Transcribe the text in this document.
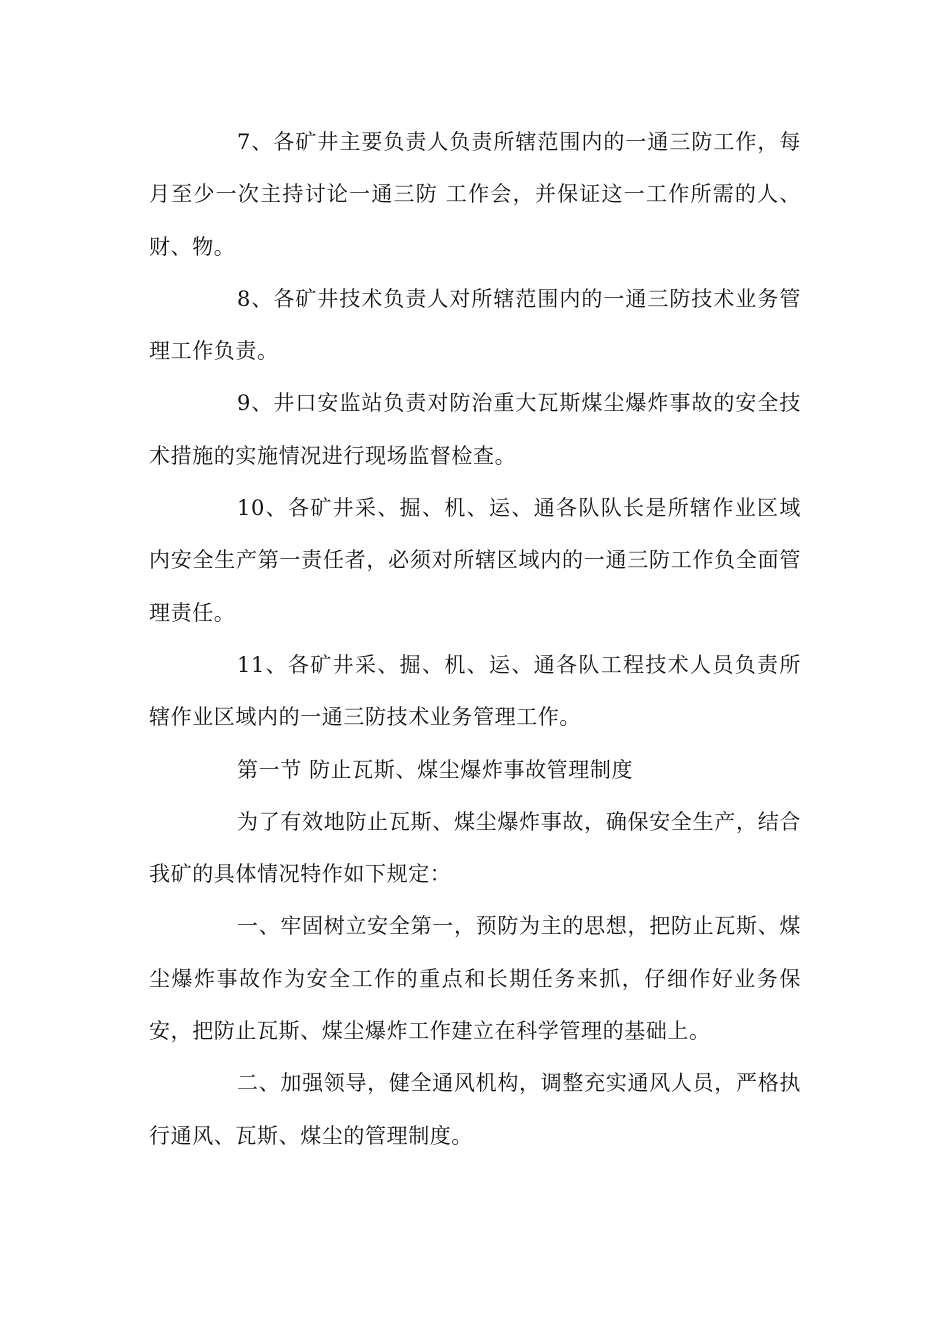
7、各矿井主要负责人负责所辖范围内的一通三防工作，每月至少一次主持讨论一通三防 工作会，并保证这一工作所需的人、财、物。

8、各矿井技术负责人对所辖范围内的一通三防技术业务管理工作负责。

9、井口安监站负责对防治重大瓦斯煤尘爆炸事故的安全技术措施的实施情况进行现场监督检查。

10、各矿井采、掘、机、运、通各队队长是所辖作业区域内安全生产第一责任者，必须对所辖区域内的一通三防工作负全面管理责任。

11、各矿井采、掘、机、运、通各队工程技术人员负责所辖作业区域内的一通三防技术业务管理工作。

第一节 防止瓦斯、煤尘爆炸事故管理制度

为了有效地防止瓦斯、煤尘爆炸事故，确保安全生产，结合我矿的具体情况特作如下规定：

一、牢固树立安全第一，预防为主的思想，把防止瓦斯、煤尘爆炸事故作为安全工作的重点和长期任务来抓，仔细作好业务保安，把防止瓦斯、煤尘爆炸工作建立在科学管理的基础上。

二、加强领导，健全通风机构，调整充实通风人员，严格执行通风、瓦斯、煤尘的管理制度。
